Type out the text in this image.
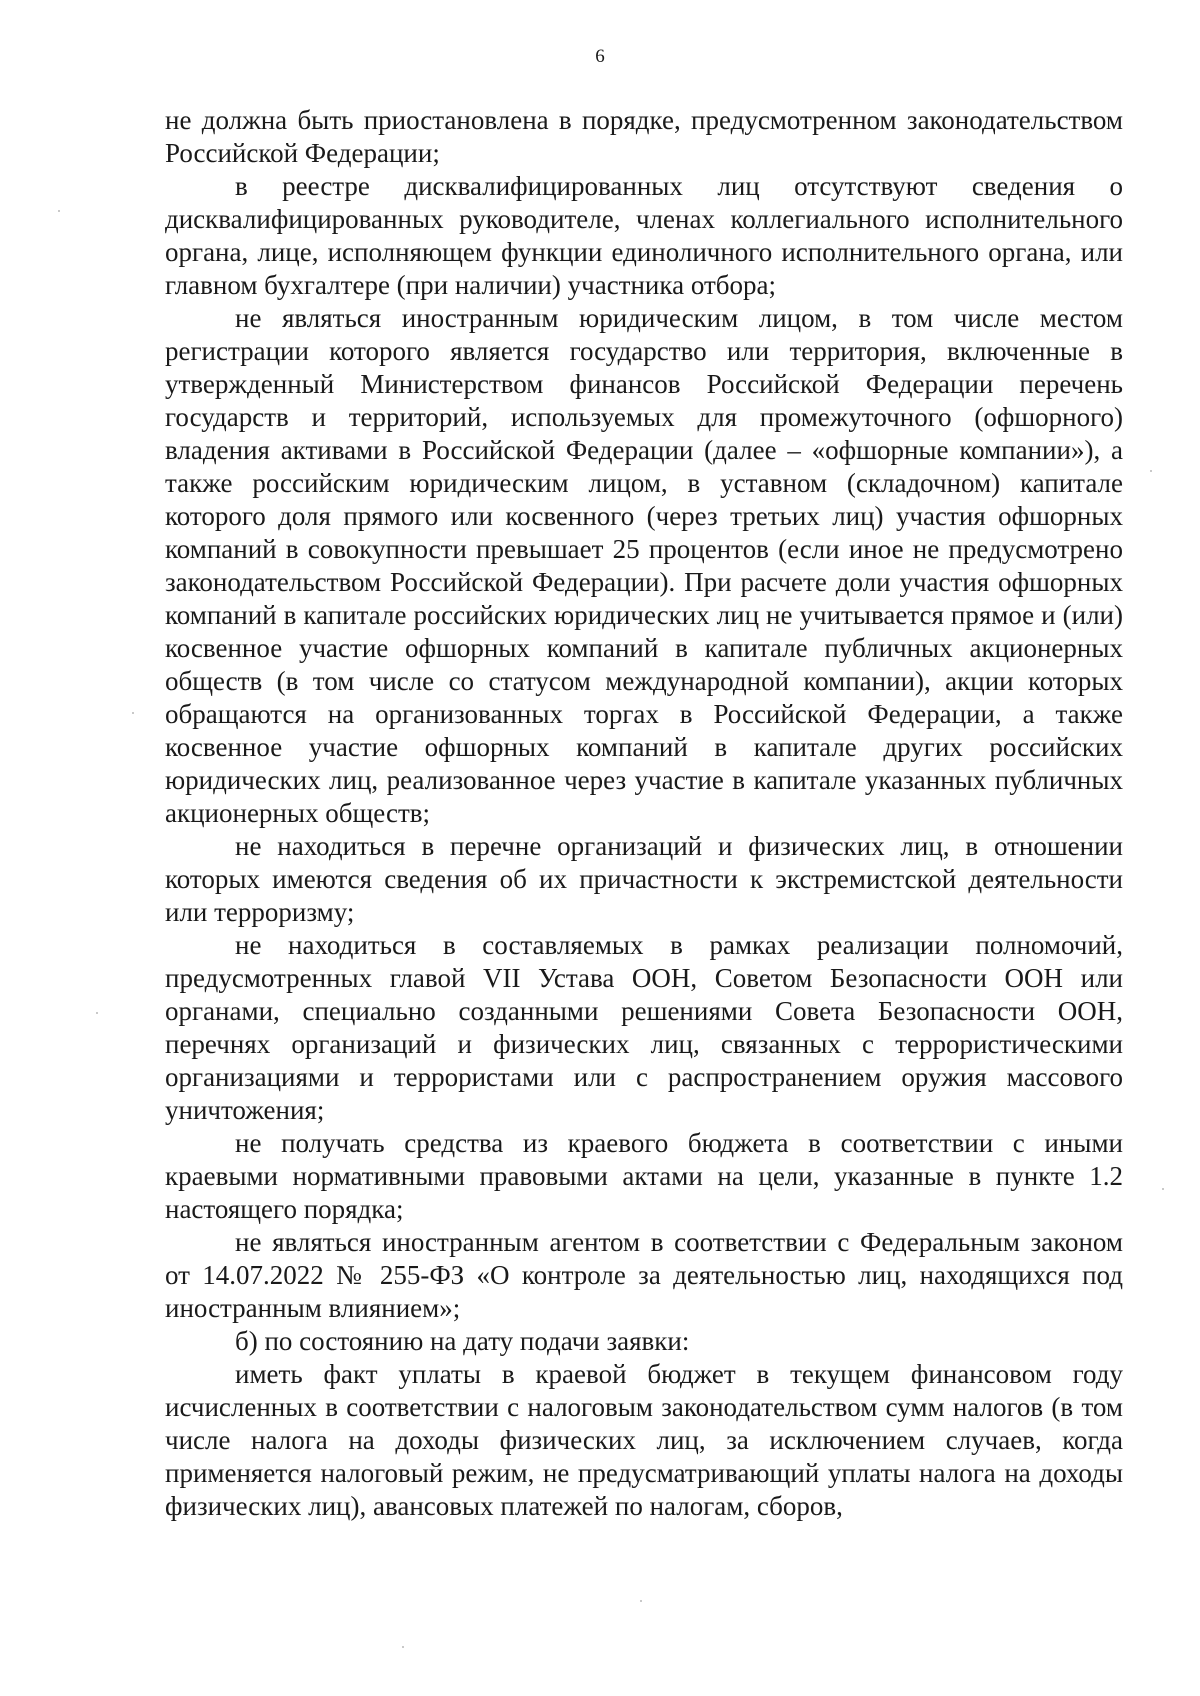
6

не должна быть приостановлена в порядке, предусмотренном законодательством Российской Федерации;

в реестре дисквалифицированных лиц отсутствуют сведения о дисквалифицированных руководителе, членах коллегиального исполнительного органа, лице, исполняющем функции единоличного исполнительного органа, или главном бухгалтере (при наличии) участника отбора;

не являться иностранным юридическим лицом, в том числе местом регистрации которого является государство или территория, включенные в утвержденный Министерством финансов Российской Федерации перечень государств и территорий, используемых для промежуточного (офшорного) владения активами в Российской Федерации (далее – «офшорные компании»), а также российским юридическим лицом, в уставном (складочном) капитале которого доля прямого или косвенного (через третьих лиц) участия офшорных компаний в совокупности превышает 25 процентов (если иное не предусмотрено законодательством Российской Федерации). При расчете доли участия офшорных компаний в капитале российских юридических лиц не учитывается прямое и (или) косвенное участие офшорных компаний в капитале публичных акционерных обществ (в том числе со статусом международной компании), акции которых обращаются на организованных торгах в Российской Федерации, а также косвенное участие офшорных компаний в капитале других российских юридических лиц, реализованное через участие в капитале указанных публичных акционерных обществ;

не находиться в перечне организаций и физических лиц, в отношении которых имеются сведения об их причастности к экстремистской деятельности или терроризму;

не находиться в составляемых в рамках реализации полномочий, предусмотренных главой VII Устава ООН, Советом Безопасности ООН или органами, специально созданными решениями Совета Безопасности ООН, перечнях организаций и физических лиц, связанных с террористическими организациями и террористами или с распространением оружия массового уничтожения;

не получать средства из краевого бюджета в соответствии с иными краевыми нормативными правовыми актами на цели, указанные в пункте 1.2 настоящего порядка;

не являться иностранным агентом в соответствии с Федеральным законом от 14.07.2022 № 255-ФЗ «О контроле за деятельностью лиц, находящихся под иностранным влиянием»;

б) по состоянию на дату подачи заявки:

иметь факт уплаты в краевой бюджет в текущем финансовом году исчисленных в соответствии с налоговым законодательством сумм налогов (в том числе налога на доходы физических лиц, за исключением случаев, когда применяется налоговый режим, не предусматривающий уплаты налога на доходы физических лиц), авансовых платежей по налогам, сборов,
